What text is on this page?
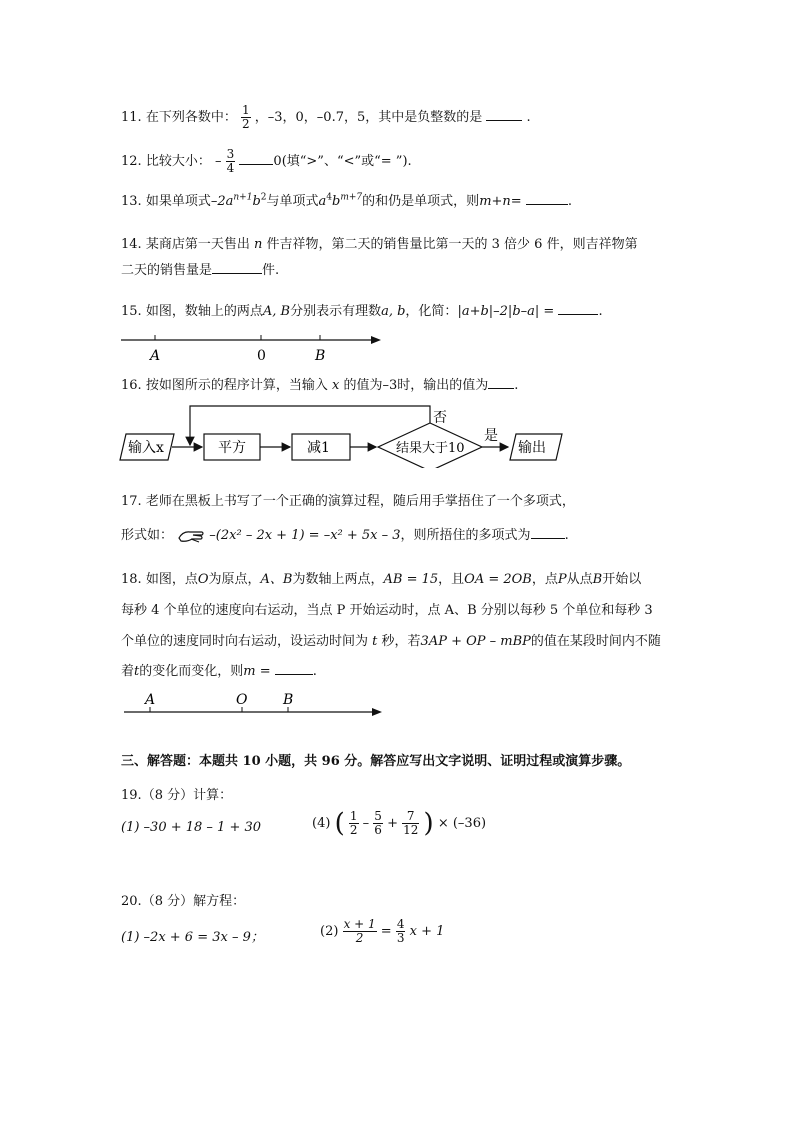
11. 在下列各数中： $\frac{1}{2}$ ，–3，0，–0.7，5，其中是负整数的是	.
12. 比较大小： – $\frac{3}{4}$	0(填“>”、“<”或“= ”).
13. 如果单项式$-2a^{n+1}b^2$与单项式$a^4b^{m+7}$的和仍是单项式，则m+n=	.
14. 某商店第一天售出 n 件吉祥物，第二天的销售量比第一天的 3 倍少 6 件，则吉祥物第
二天的销售量是	件.
15. 如图，数轴上的两点A, B分别表示有理数a, b，化简：|a+b|–2|b–a| =	.
A	0	B
16. 按如图所示的程序计算，当输入 x 的值为–3时，输出的值为 .
输入x	平方	减1	结果大于10
是
输出
否
17. 老师在黑板上书写了一个正确的演算过程，随后用手掌捂住了一个多项式，
形式如：	–(2x² – 2x + 1) = –x² + 5x – 3，则所捂住的多项式为	.
18. 如图，点O为原点，A、B为数轴上两点，AB = 15，且OA = 2OB，点P从点B开始以
每秒 4 个单位的速度向右运动，当点 P 开始运动时，点 A、B 分别以每秒 5 个单位和每秒 3
个单位的速度同时向右运动，设运动时间为 t 秒，若3AP + OP – mBP的值在某段时间内不随
着t的变化而变化，则m =	.
A	O	B
三、解答题：本题共 10 小题，共 96 分。解答应写出文字说明、证明过程或演算步骤。
19.（8 分）计算：
(1) –30 + 18 – 1 + 30	(4) ( $\frac{1}{2} - \frac{5}{6} + \frac{7}{12}$ ) × (–36)
20.（8 分）解方程：
(1) –2x + 6 = 3x – 9；	$(2) \frac{x + 1}{2} = \frac{4}{3}$ x + 1
